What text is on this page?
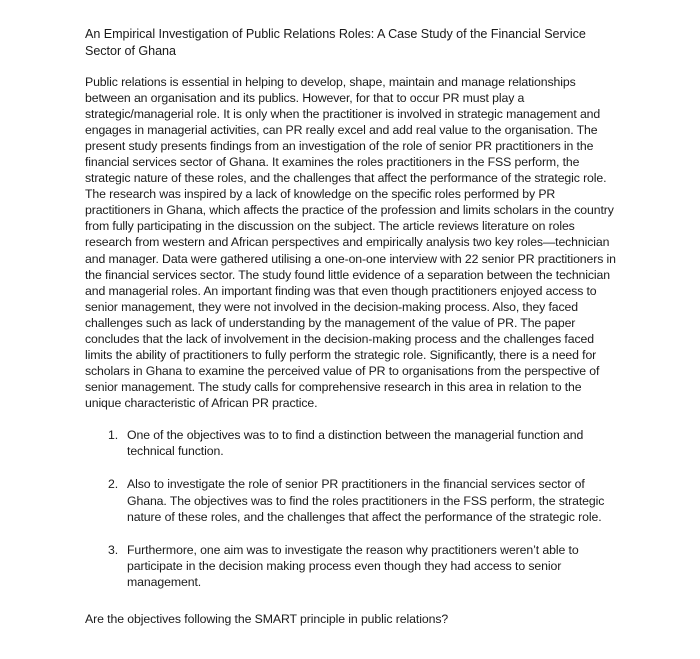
An Empirical Investigation of Public Relations Roles: A Case Study of the Financial Service Sector of Ghana
Public relations is essential in helping to develop, shape, maintain and manage relationships between an organisation and its publics. However, for that to occur PR must play a strategic/managerial role. It is only when the practitioner is involved in strategic management and engages in managerial activities, can PR really excel and add real value to the organisation. The present study presents findings from an investigation of the role of senior PR practitioners in the financial services sector of Ghana. It examines the roles practitioners in the FSS perform, the strategic nature of these roles, and the challenges that affect the performance of the strategic role. The research was inspired by a lack of knowledge on the specific roles performed by PR practitioners in Ghana, which affects the practice of the profession and limits scholars in the country from fully participating in the discussion on the subject. The article reviews literature on roles research from western and African perspectives and empirically analysis two key roles—technician and manager. Data were gathered utilising a one-on-one interview with 22 senior PR practitioners in the financial services sector. The study found little evidence of a separation between the technician and managerial roles. An important finding was that even though practitioners enjoyed access to senior management, they were not involved in the decision-making process. Also, they faced challenges such as lack of understanding by the management of the value of PR. The paper concludes that the lack of involvement in the decision-making process and the challenges faced limits the ability of practitioners to fully perform the strategic role. Significantly, there is a need for scholars in Ghana to examine the perceived value of PR to organisations from the perspective of senior management. The study calls for comprehensive research in this area in relation to the unique characteristic of African PR practice.
1. One of the objectives was to to find a distinction between the managerial function and technical function.
2. Also to investigate the role of senior PR practitioners in the financial services sector of Ghana. The objectives was to find the roles practitioners in the FSS perform, the strategic nature of these roles, and the challenges that affect the performance of the strategic role.
3. Furthermore, one aim was to investigate the reason why practitioners weren’t able to participate in the decision making process even though they had access to senior management.
Are the objectives following the SMART principle in public relations?
